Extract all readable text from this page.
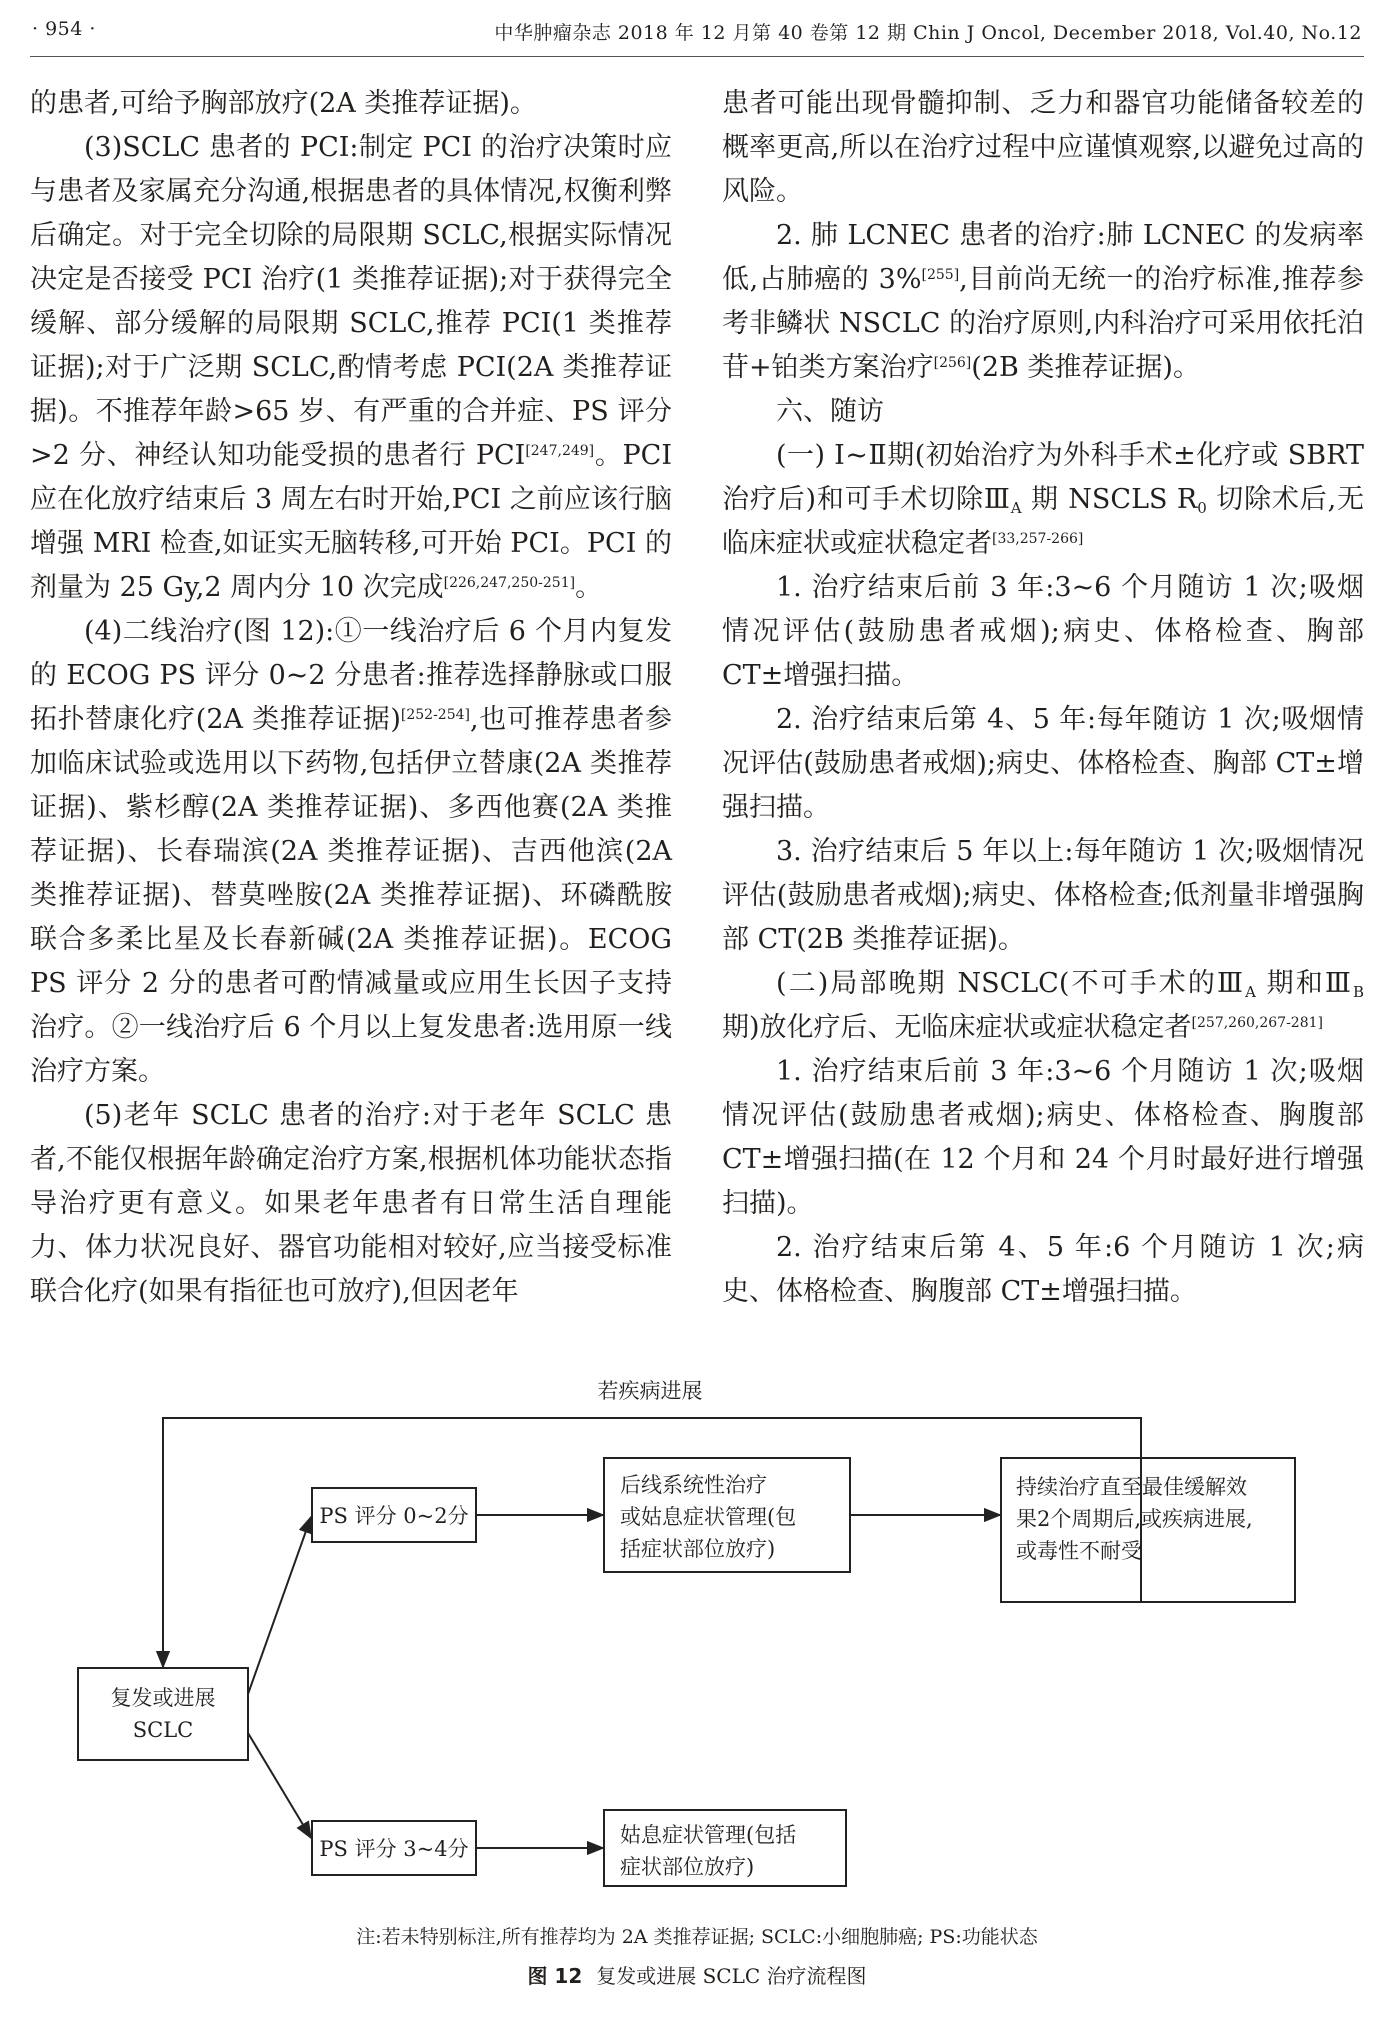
· 954 ·	中华肿瘤杂志 2018 年 12 月第 40 卷第 12 期 Chin J Oncol, December 2018, Vol.40, No.12

的患者,可给予胸部放疗(2A 类推荐证据)。

(3)SCLC 患者的 PCI:制定 PCI 的治疗决策时应与患者及家属充分沟通,根据患者的具体情况,权衡利弊后确定。对于完全切除的局限期 SCLC,根据实际情况决定是否接受 PCI 治疗(1 类推荐证据);对于获得完全缓解、部分缓解的局限期 SCLC,推荐 PCI(1 类推荐证据);对于广泛期 SCLC,酌情考虑 PCI(2A 类推荐证据)。不推荐年龄>65 岁、有严重的合并症、PS 评分>2 分、神经认知功能受损的患者行 PCI[247,249]。PCI 应在化放疗结束后 3 周左右时开始,PCI 之前应该行脑增强 MRI 检查,如证实无脑转移,可开始 PCI。PCI 的剂量为 25 Gy,2 周内分 10 次完成[226,247,250-251]。

(4)二线治疗(图 12):①一线治疗后 6 个月内复发的 ECOG PS 评分 0~2 分患者:推荐选择静脉或口服拓扑替康化疗(2A 类推荐证据)[252-254],也可推荐患者参加临床试验或选用以下药物,包括伊立替康(2A 类推荐证据)、紫杉醇(2A 类推荐证据)、多西他赛(2A 类推荐证据)、长春瑞滨(2A 类推荐证据)、吉西他滨(2A 类推荐证据)、替莫唑胺(2A 类推荐证据)、环磷酰胺联合多柔比星及长春新碱(2A 类推荐证据)。ECOG PS 评分 2 分的患者可酌情减量或应用生长因子支持治疗。②一线治疗后 6 个月以上复发患者:选用原一线治疗方案。

(5)老年 SCLC 患者的治疗:对于老年 SCLC 患者,不能仅根据年龄确定治疗方案,根据机体功能状态指导治疗更有意义。如果老年患者有日常生活自理能力、体力状况良好、器官功能相对较好,应当接受标准联合化疗(如果有指征也可放疗),但因老年

患者可能出现骨髓抑制、乏力和器官功能储备较差的概率更高,所以在治疗过程中应谨慎观察,以避免过高的风险。

2. 肺 LCNEC 患者的治疗:肺 LCNEC 的发病率低,占肺癌的 3%[255],目前尚无统一的治疗标准,推荐参考非鳞状 NSCLC 的治疗原则,内科治疗可采用依托泊苷+铂类方案治疗[256](2B 类推荐证据)。

六、随访

(一) Ⅰ~Ⅱ期(初始治疗为外科手术±化疗或 SBRT 治疗后)和可手术切除$Ⅲ_A$ 期 NSCLS $R_0$ 切除术后,无临床症状或症状稳定者[33,257-266]

1. 治疗结束后前 3 年:3~6 个月随访 1 次;吸烟情况评估(鼓励患者戒烟);病史、体格检查、胸部 CT±增强扫描。

2. 治疗结束后第 4、5 年:每年随访 1 次;吸烟情况评估(鼓励患者戒烟);病史、体格检查、胸部 CT±增强扫描。

3. 治疗结束后 5 年以上:每年随访 1 次;吸烟情况评估(鼓励患者戒烟);病史、体格检查;低剂量非增强胸部 CT(2B 类推荐证据)。

(二)局部晚期 NSCLC(不可手术的$Ⅲ_A$ 期和$Ⅲ_B$ 期)放化疗后、无临床症状或症状稳定者[257,260,267-281]

1. 治疗结束后前 3 年:3~6 个月随访 1 次;吸烟情况评估(鼓励患者戒烟);病史、体格检查、胸腹部 CT±增强扫描(在 12 个月和 24 个月时最好进行增强扫描)。

2. 治疗结束后第 4、5 年:6 个月随访 1 次;病史、体格检查、胸腹部 CT±增强扫描。

若疾病进展
复发或进展
SCLC
PS 评分 0~2分
PS 评分 3~4分
后线系统性治疗
或姑息症状管理(包
括症状部位放疗)
持续治疗直至最佳缓解效
果2个周期后,或疾病进展,
或毒性不耐受
姑息症状管理(包括
症状部位放疗)
注:若未特别标注,所有推荐均为 2A 类推荐证据; SCLC:小细胞肺癌; PS:功能状态
图 12 复发或进展 SCLC 治疗流程图
